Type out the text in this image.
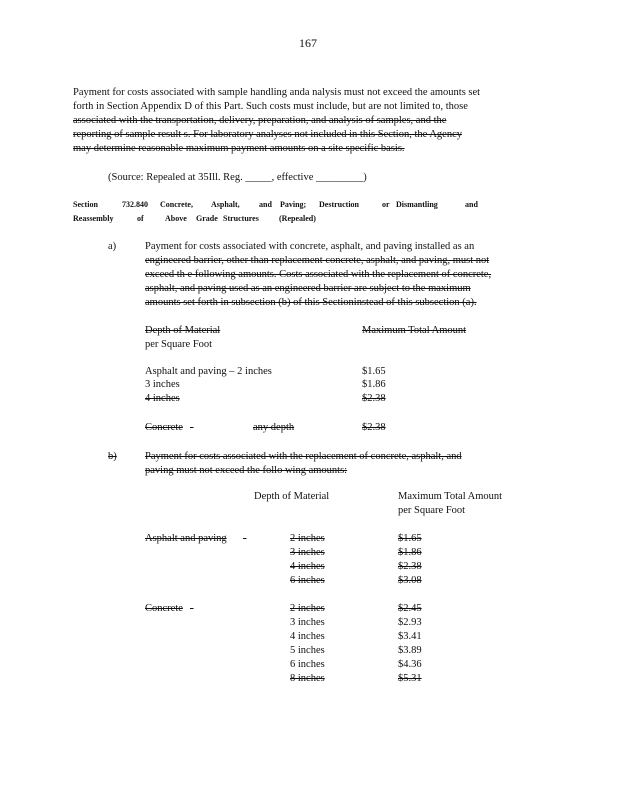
167
Payment for costs associated with sample handling anda nalysis must not exceed the amounts set
forth in Section Appendix D of this Part. Such costs must include, but are not limited to, those
associated with the transportation, delivery, preparation, and analysis of samples, and the
reporting of sample result s. For laboratory analyses not included in this Section, the Agency
may determine reasonable maximum payment amounts on a site specific basis.
(Source: Repealed at 35Ill. Reg. _____, effective _________)
Section	732.840 Concrete, Asphalt, and Paving; Destruction	or Dismantling	and
Reassembly	of	Above Grade Structures	(Repealed)
a)	Payment for costs associated with concrete, asphalt, and paving installed as an
engineered barrier, other than replacement concrete, asphalt, and paving, must not
exceed th e following amounts. Costs associated with the replacement of concrete,
asphalt, and paving used as an engineered barrier are subject to the maximum
amounts set forth in subsection (b) of this Sectioninstead of this subsection (a).
Depth of Material
per Square Foot
Maximum Total Amount
Asphalt and paving – 2 inches	$1.65
3 inches	$1.86
4 inches	$2.38
Concrete -	any depth	$2.38
b)	Payment for costs associated with the replacement of concrete, asphalt, and
paving must not exceed the follo wing amounts:
Depth of Material	Maximum Total Amount
per Square Foot
Asphalt and paving -	2 inches	$1.65
3 inches	$1.86
4 inches	$2.38
6 inches	$3.08
Concrete -	2 inches	$2.45
3 inches	$2.93
4 inches	$3.41
5 inches	$3.89
6 inches	$4.36
8 inches	$5.31
